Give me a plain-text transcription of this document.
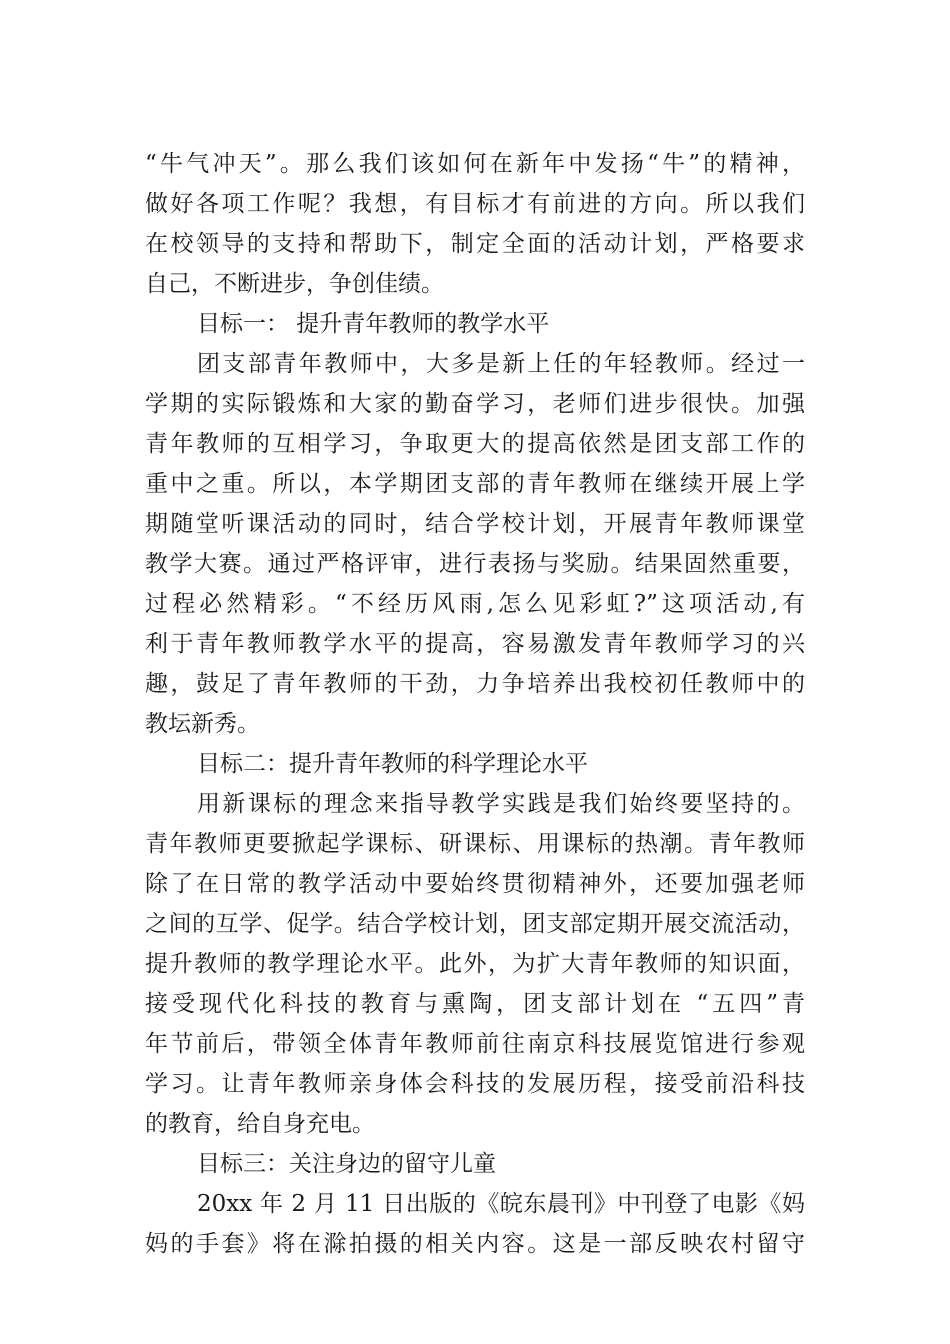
“牛气冲天”。那么我们该如何在新年中发扬“牛”的精神，
做好各项工作呢？我想，有目标才有前进的方向。所以我们
在校领导的支持和帮助下，制定全面的活动计划，严格要求
自己，不断进步，争创佳绩。
目标一： 提升青年教师的教学水平
团支部青年教师中，大多是新上任的年轻教师。经过一
学期的实际锻炼和大家的勤奋学习，老师们进步很快。加强
青年教师的互相学习，争取更大的提高依然是团支部工作的
重中之重。所以，本学期团支部的青年教师在继续开展上学
期随堂听课活动的同时，结合学校计划，开展青年教师课堂
教学大赛。通过严格评审，进行表扬与奖励。结果固然重要，
过程必然精彩。“不经历风雨,怎么见彩虹?”这项活动,有
利于青年教师教学水平的提高，容易激发青年教师学习的兴
趣，鼓足了青年教师的干劲，力争培养出我校初任教师中的
教坛新秀。
目标二：提升青年教师的科学理论水平
用新课标的理念来指导教学实践是我们始终要坚持的。
青年教师更要掀起学课标、研课标、用课标的热潮。青年教师
除了在日常的教学活动中要始终贯彻精神外，还要加强老师
之间的互学、促学。结合学校计划，团支部定期开展交流活动，
提升教师的教学理论水平。此外，为扩大青年教师的知识面，
接受现代化科技的教育与熏陶，团支部计划在 “五四”青
年节前后，带领全体青年教师前往南京科技展览馆进行参观
学习。让青年教师亲身体会科技的发展历程，接受前沿科技
的教育，给自身充电。
目标三：关注身边的留守儿童
20xx 年 2 月 11 日出版的《皖东晨刊》中刊登了电影《妈
妈的手套》将在滁拍摄的相关内容。这是一部反映农村留守
